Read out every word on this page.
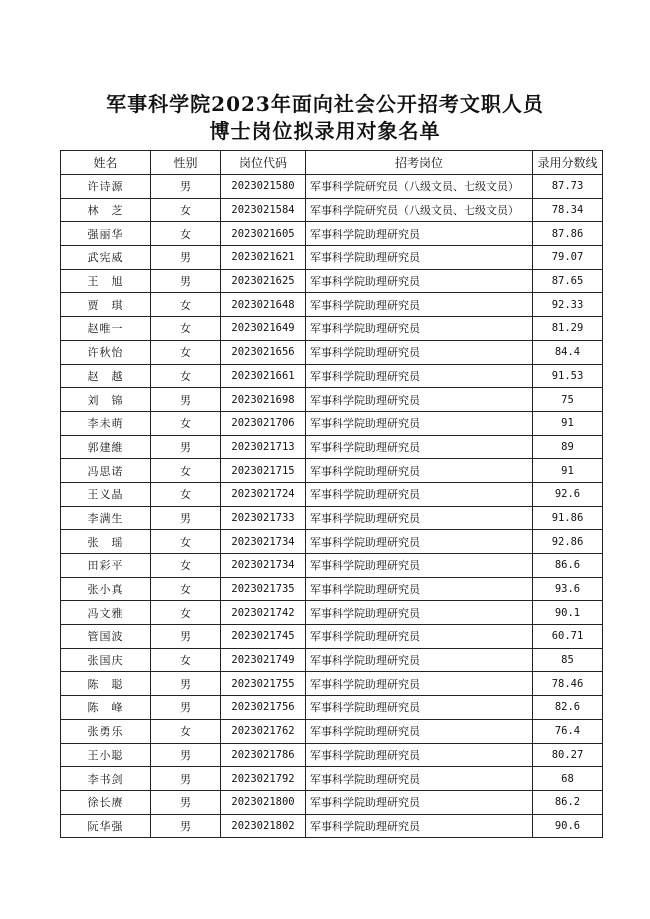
军事科学院2023年面向社会公开招考文职人员
博士岗位拟录用对象名单
姓名	性别	岗位代码	招考岗位	录用分数线
许诗源	男	2023021580	军事科学院研究员（八级文员、七级文员）	87.73
林　芝	女	2023021584	军事科学院研究员（八级文员、七级文员）	78.34
强丽华	女	2023021605	军事科学院助理研究员	87.86
武宪威	男	2023021621	军事科学院助理研究员	79.07
王　旭	男	2023021625	军事科学院助理研究员	87.65
贾　琪	女	2023021648	军事科学院助理研究员	92.33
赵唯一	女	2023021649	军事科学院助理研究员	81.29
许秋怡	女	2023021656	军事科学院助理研究员	84.4
赵　越	女	2023021661	军事科学院助理研究员	91.53
刘　锦	男	2023021698	军事科学院助理研究员	75
李未萌	女	2023021706	军事科学院助理研究员	91
郭建維	男	2023021713	军事科学院助理研究员	89
冯思诺	女	2023021715	军事科学院助理研究员	91
王义晶	女	2023021724	军事科学院助理研究员	92.6
李满生	男	2023021733	军事科学院助理研究员	91.86
张　瑶	女	2023021734	军事科学院助理研究员	92.86
田彩平	女	2023021734	军事科学院助理研究员	86.6
张小真	女	2023021735	军事科学院助理研究员	93.6
冯文雅	女	2023021742	军事科学院助理研究员	90.1
管国波	男	2023021745	军事科学院助理研究员	60.71
张国庆	女	2023021749	军事科学院助理研究员	85
陈　聪	男	2023021755	军事科学院助理研究员	78.46
陈　峰	男	2023021756	军事科学院助理研究员	82.6
张勇乐	女	2023021762	军事科学院助理研究员	76.4
王小聪	男	2023021786	军事科学院助理研究员	80.27
李书剑	男	2023021792	军事科学院助理研究员	68
徐长赓	男	2023021800	军事科学院助理研究员	86.2
阮华强	男	2023021802	军事科学院助理研究员	90.6
